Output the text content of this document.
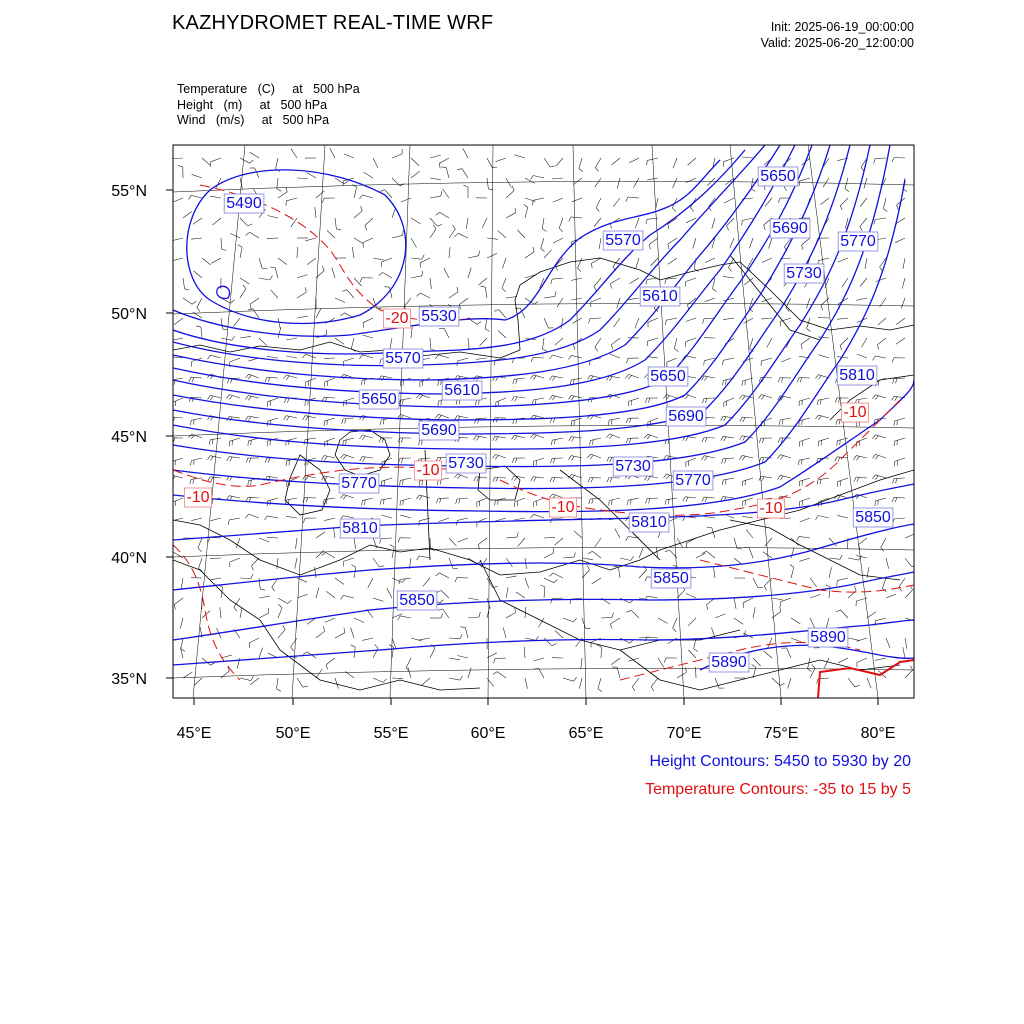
KAZHYDROMET REAL-TIME WRF	Init: 2025-06-19_00:00:00
Valid: 2025-06-20_12:00:00
Temperature   (C)     at   500 hPa
Height   (m)     at   500 hPa
Wind   (m/s)     at   500 hPa
55°N
50°N
45°N
40°N
35°N
45°E	50°E	55°E	60°E	65°E	70°E	75°E	80°E
5490
5530
5570
5570
5610
5610
5650
5650
5650
5690
5690
5690
5730	5730
5730
5770	5770
5770
5810	5810
5810
5850
5850
5850
5890
5890
-20
-10
-10
-10
-10	-10
Height Contours: 5450 to 5930 by 20
Temperature Contours: -35 to 15 by 5
